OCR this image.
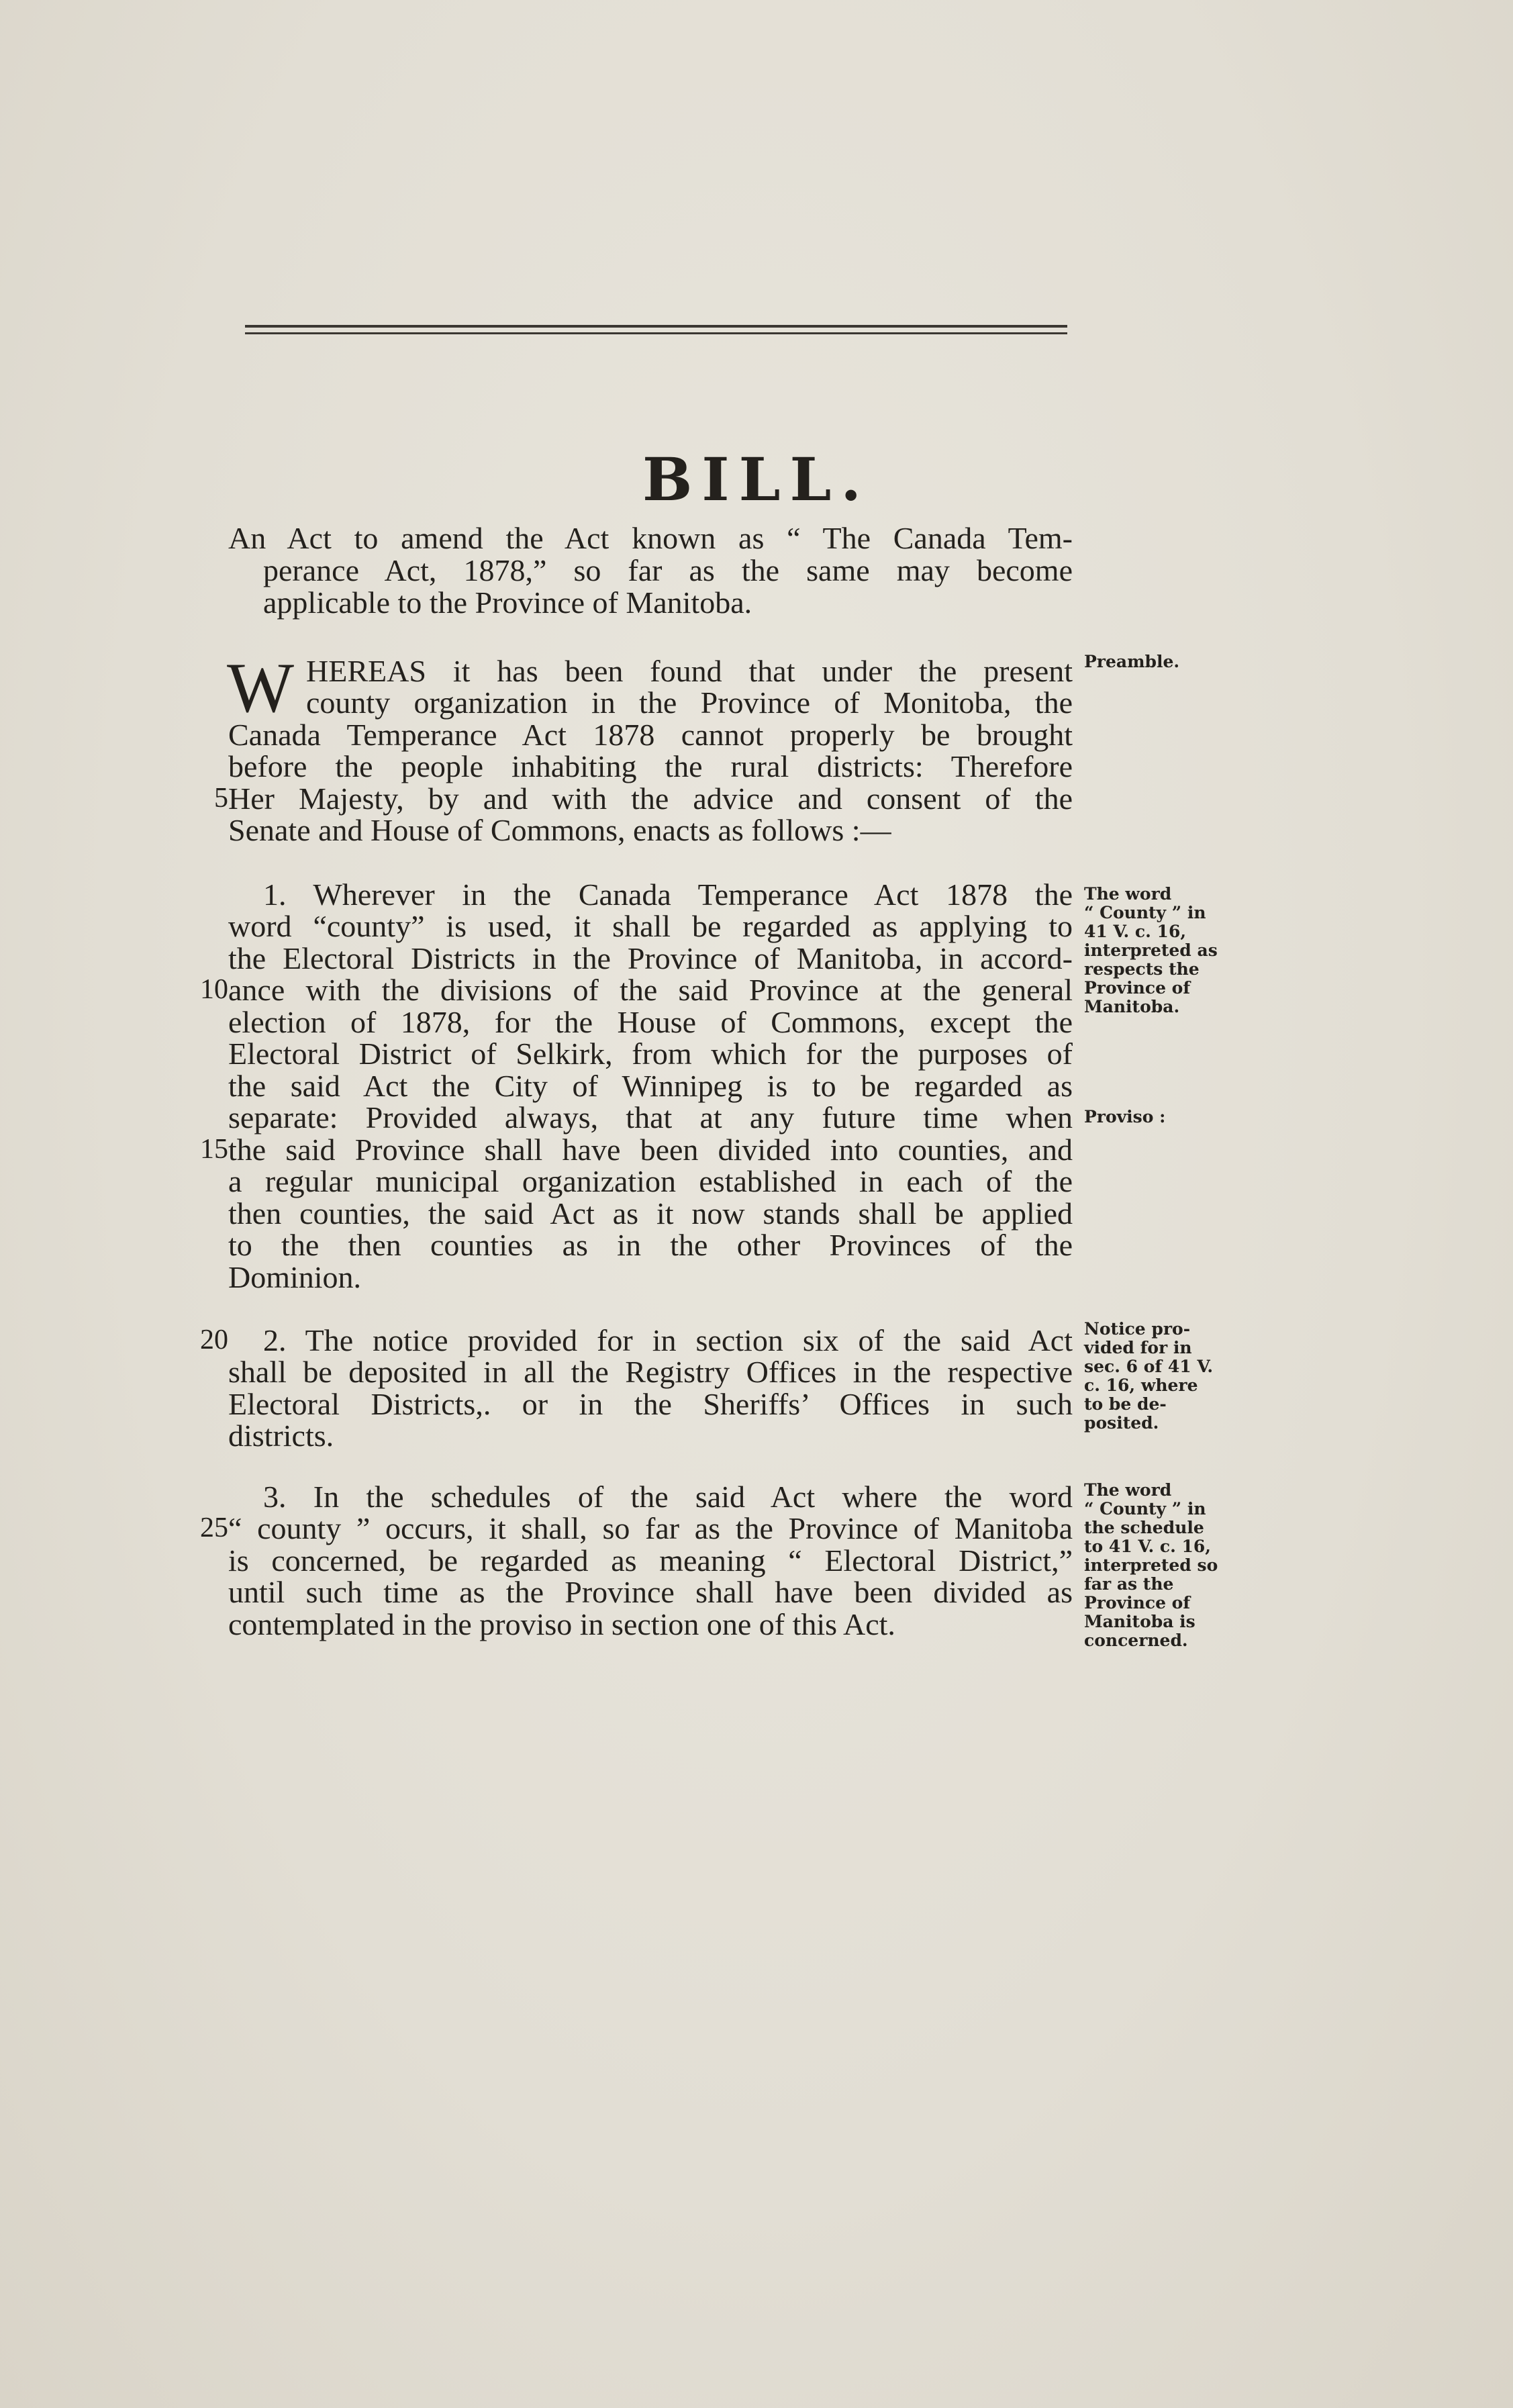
BILL.
An Act to amend the Act known as “ The Canada Tem-
perance Act, 1878,” so far as the same may become
applicable to the Province of Manitoba.
W HEREAS it has been found that under the present
county organization in the Province of Monitoba, the
Canada Temperance Act 1878 cannot properly be brought
before the people inhabiting the rural districts: Therefore
Her Majesty, by and with the advice and consent of the
Senate and House of Commons, enacts as follows :—
1. Wherever in the Canada Temperance Act 1878 the
word “county” is used, it shall be regarded as applying to
the Electoral Districts in the Province of Manitoba, in accord-
ance with the divisions of the said Province at the general
election of 1878, for the House of Commons, except the
Electoral District of Selkirk, from which for the purposes of
the said Act the City of Winnipeg is to be regarded as
separate: Provided always, that at any future time when
the said Province shall have been divided into counties, and
a regular municipal organization established in each of the
then counties, the said Act as it now stands shall be applied
to the then counties as in the other Provinces of the
Dominion.
2. The notice provided for in section six of the said Act
shall be deposited in all the Registry Offices in the respective
Electoral Districts,. or in the Sheriffs’ Offices in such
districts.
3. In the schedules of the said Act where the word
“ county ” occurs, it shall, so far as the Province of Manitoba
is concerned, be regarded as meaning “ Electoral District,”
until such time as the Province shall have been divided as
contemplated in the proviso in section one of this Act.
5
10
15
20
25
Preamble.
The word
“ County ” in
41 V. c. 16,
interpreted as
respects the
Province of
Manitoba.
Proviso :
Notice pro-
vided for in
sec. 6 of 41 V.
c. 16, where
to be de-
posited.
The word
“ County ” in
the schedule
to 41 V. c. 16,
interpreted so
far as the
Province of
Manitoba is
concerned.
